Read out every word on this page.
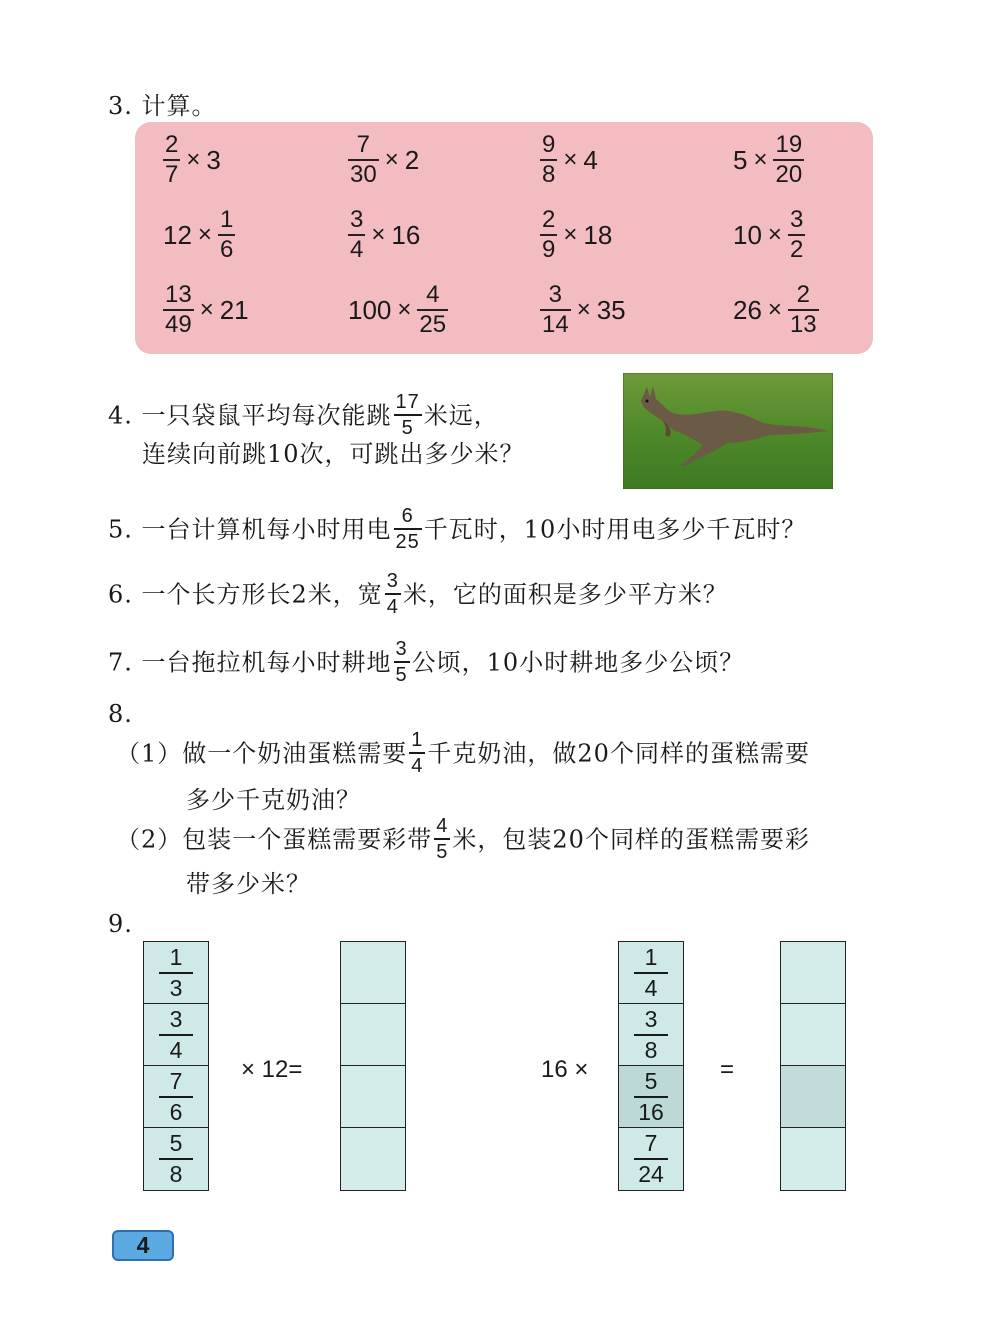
3. 计算。
$\frac{2}{7} \times 3$	$\frac{7}{30} \times 2$	$\frac{9}{8} \times 4$	$5 \times \frac{19}{20}$
$12 \times \frac{1}{6}$	$\frac{3}{4} \times 16$	$\frac{2}{9} \times 18$	$10 \times \frac{3}{2}$
$\frac{13}{49} \times 21$	$100 \times \frac{4}{25}$	$\frac{3}{14} \times 35$	$26 \times \frac{2}{13}$
4. 一只袋鼠平均每次能跳 $\frac{17}{5}$ 米远，
连续向前跳10次，可跳出多少米？
5. 一台计算机每小时用电 $\frac{6}{25}$ 千瓦时，10小时用电多少千瓦时？
6. 一个长方形长2米，宽 $\frac{3}{4}$ 米，它的面积是多少平方米？
7. 一台拖拉机每小时耕地 $\frac{3}{5}$ 公顷，10小时耕地多少公顷？
8.
（1）做一个奶油蛋糕需要 $\frac{1}{4}$ 千克奶油，做20个同样的蛋糕需要
多少千克奶油？
（2）包装一个蛋糕需要彩带 $\frac{4}{5}$ 米，包装20个同样的蛋糕需要彩
带多少米？
9.
$\frac{1}{3}$
$\frac{3}{4}$
$\frac{7}{6}$
$\frac{5}{8}$
× 12=	16 ×
$\frac{1}{4}$
$\frac{3}{8}$
$\frac{5}{16}$
$\frac{7}{24}$
=
4
